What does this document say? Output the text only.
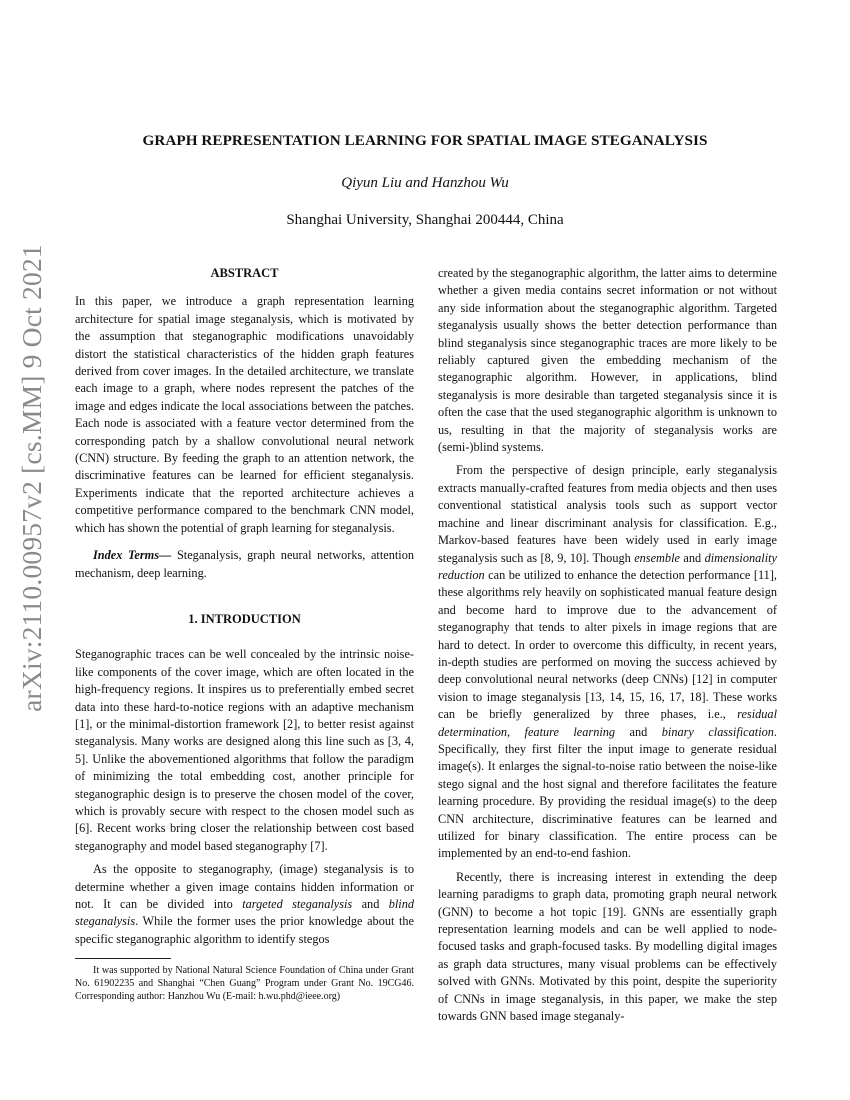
arXiv:2110.00957v2 [cs.MM] 9 Oct 2021
GRAPH REPRESENTATION LEARNING FOR SPATIAL IMAGE STEGANALYSIS
Qiyun Liu and Hanzhou Wu
Shanghai University, Shanghai 200444, China
ABSTRACT

In this paper, we introduce a graph representation learning architecture for spatial image steganalysis, which is motivated by the assumption that steganographic modifications unavoidably distort the statistical characteristics of the hidden graph features derived from cover images. In the detailed architecture, we translate each image to a graph, where nodes represent the patches of the image and edges indicate the local associations between the patches. Each node is associated with a feature vector determined from the corresponding patch by a shallow convolutional neural network (CNN) structure. By feeding the graph to an attention network, the discriminative features can be learned for efficient steganalysis. Experiments indicate that the reported architecture achieves a competitive performance compared to the benchmark CNN model, which has shown the potential of graph learning for steganalysis.

Index Terms— Steganalysis, graph neural networks, attention mechanism, deep learning.

1. INTRODUCTION

Steganographic traces can be well concealed by the intrinsic noise-like components of the cover image, which are often located in the high-frequency regions. It inspires us to preferentially embed secret data into these hard-to-notice regions with an adaptive mechanism [1], or the minimal-distortion framework [2], to better resist against steganalysis. Many works are designed along this line such as [3, 4, 5]. Unlike the abovementioned algorithms that follow the paradigm of minimizing the total embedding cost, another principle for steganographic design is to preserve the chosen model of the cover, which is provably secure with respect to the chosen model such as [6]. Recent works bring closer the relationship between cost based steganography and model based steganography [7].

As the opposite to steganography, (image) steganalysis is to determine whether a given image contains hidden information or not. It can be divided into targeted steganalysis and blind steganalysis. While the former uses the prior knowledge about the specific steganographic algorithm to identify stegos

created by the steganographic algorithm, the latter aims to determine whether a given media contains secret information or not without any side information about the steganographic algorithm. Targeted steganalysis usually shows the better detection performance than blind steganalysis since steganographic traces are more likely to be reliably captured given the embedding mechanism of the steganographic algorithm. However, in applications, blind steganalysis is more desirable than targeted steganalysis since it is often the case that the used steganographic algorithm is unknown to us, resulting in that the majority of steganalysis works are (semi-)blind systems.

From the perspective of design principle, early steganalysis extracts manually-crafted features from media objects and then uses conventional statistical analysis tools such as support vector machine and linear discriminant analysis for classification. E.g., Markov-based features have been widely used in early image steganalysis such as [8, 9, 10]. Though ensemble and dimensionality reduction can be utilized to enhance the detection performance [11], these algorithms rely heavily on sophisticated manual feature design and become hard to improve due to the advancement of steganography that tends to alter pixels in image regions that are hard to detect. In order to overcome this difficulty, in recent years, in-depth studies are performed on moving the success achieved by deep convolutional neural networks (deep CNNs) [12] in computer vision to image steganalysis [13, 14, 15, 16, 17, 18]. These works can be briefly generalized by three phases, i.e., residual determination, feature learning and binary classification. Specifically, they first filter the input image to generate residual image(s). It enlarges the signal-to-noise ratio between the noise-like stego signal and the host signal and therefore facilitates the feature learning procedure. By providing the residual image(s) to the deep CNN architecture, discriminative features can be learned and utilized for binary classification. The entire process can be implemented by an end-to-end fashion.

Recently, there is increasing interest in extending the deep learning paradigms to graph data, promoting graph neural network (GNN) to become a hot topic [19]. GNNs are essentially graph representation learning models and can be well applied to node-focused tasks and graph-focused tasks. By modelling digital images as graph data structures, many visual problems can be effectively solved with GNNs. Motivated by this point, despite the superiority of CNNs in image steganalysis, in this paper, we make the step towards GNN based image steganaly-

It was supported by National Natural Science Foundation of China under Grant No. 61902235 and Shanghai “Chen Guang” Program under Grant No. 19CG46. Corresponding author: Hanzhou Wu (E-mail: h.wu.phd@ieee.org)
